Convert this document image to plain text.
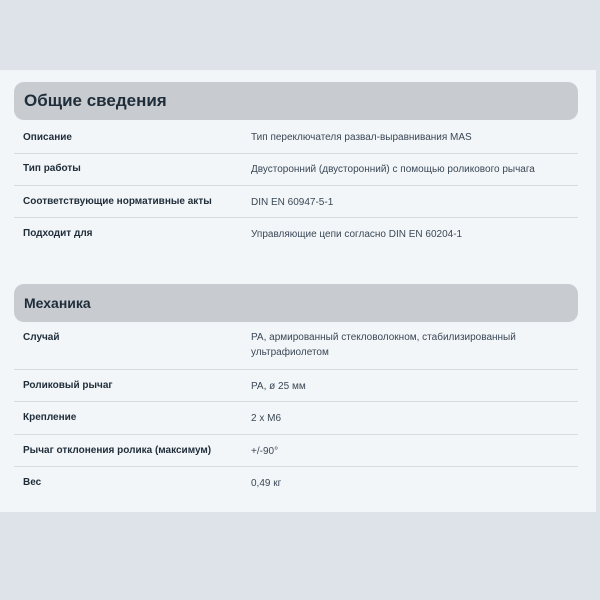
Общие сведения
Описание	Тип переключателя развал-выравнивания MAS
Тип работы	Двусторонний (двусторонний) с помощью роликового рычага
Соответствующие нормативные акты	DIN EN 60947-5-1
Подходит для	Управляющие цепи согласно DIN EN 60204-1
Механика
Случай	PA, армированный стекловолокном, стабилизированный ультрафиолетом
Роликовый рычаг	PA, ø 25 мм
Крепление	2 x M6
Рычаг отклонения ролика (максимум)	+/-90°
Вес	0,49 кг
